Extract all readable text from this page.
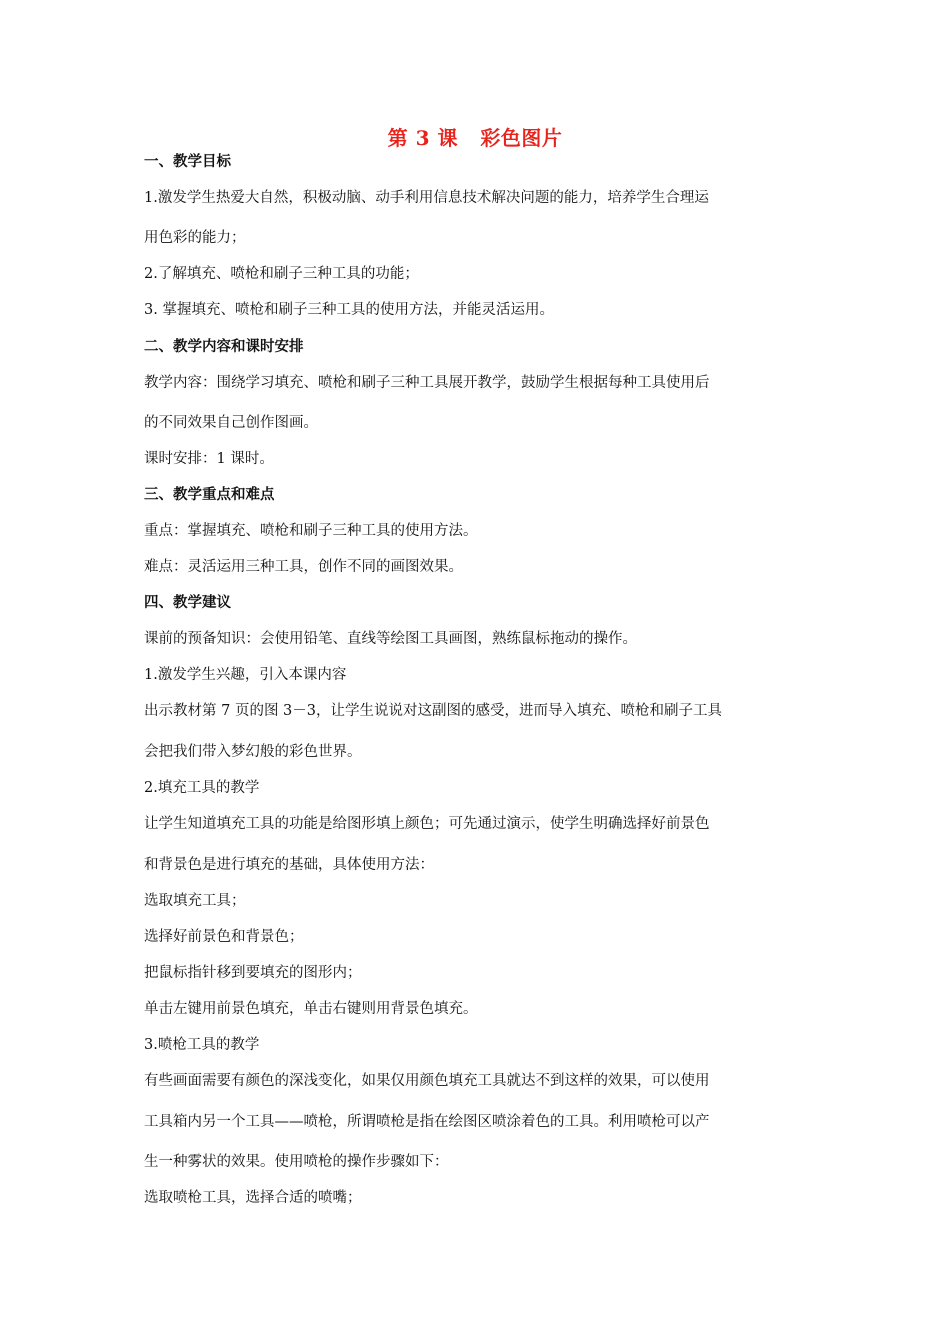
第 3 课   彩色图片
一、教学目标
1.激发学生热爱大自然，积极动脑、动手利用信息技术解决问题的能力，培养学生合理运
用色彩的能力；
2.了解填充、喷枪和刷子三种工具的功能；
3. 掌握填充、喷枪和刷子三种工具的使用方法，并能灵活运用。
二、教学内容和课时安排
教学内容：围绕学习填充、喷枪和刷子三种工具展开教学，鼓励学生根据每种工具使用后
的不同效果自己创作图画。
课时安排：1 课时。
三、教学重点和难点
重点：掌握填充、喷枪和刷子三种工具的使用方法。
难点：灵活运用三种工具，创作不同的画图效果。
四、教学建议
课前的预备知识：会使用铅笔、直线等绘图工具画图，熟练鼠标拖动的操作。
1.激发学生兴趣，引入本课内容
出示教材第 7 页的图 3－3，让学生说说对这副图的感受，进而导入填充、喷枪和刷子工具
会把我们带入梦幻般的彩色世界。
2.填充工具的教学
让学生知道填充工具的功能是给图形填上颜色；可先通过演示，使学生明确选择好前景色
和背景色是进行填充的基础，具体使用方法：
选取填充工具；
选择好前景色和背景色；
把鼠标指针移到要填充的图形内；
单击左键用前景色填充，单击右键则用背景色填充。
3.喷枪工具的教学
有些画面需要有颜色的深浅变化，如果仅用颜色填充工具就达不到这样的效果，可以使用
工具箱内另一个工具——喷枪，所谓喷枪是指在绘图区喷涂着色的工具。利用喷枪可以产
生一种雾状的效果。使用喷枪的操作步骤如下：
选取喷枪工具，选择合适的喷嘴；
